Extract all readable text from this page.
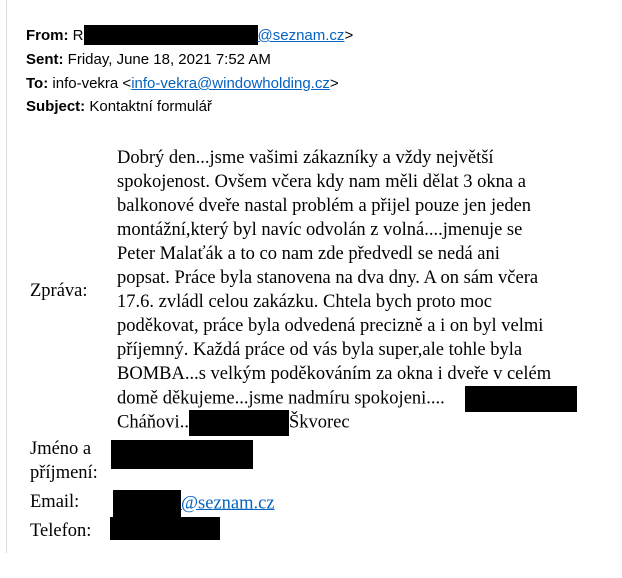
From: R	@seznam.cz>
Sent: Friday, June 18, 2021 7:52 AM
To: info-vekra <info-vekra@windowholding.cz>
Subject: Kontaktní formulář
Zpráva:
Dobrý den...jsme vašimi zákazníky a vždy největší
spokojenost. Ovšem včera kdy nam měli dělat 3 okna a
balkonové dveře nastal problém a přijel pouze jen jeden
montážní,který byl navíc odvolán z volná....jmenuje se
Peter Malaťák a to co nam zde předvedl se nedá ani
popsat. Práce byla stanovena na dva dny. A on sám včera
17.6. zvládl celou zakázku. Chtela bych proto moc
poděkovat, práce byla odvedená precizně a i on byl velmi
příjemný. Každá práce od vás byla super,ale tohle byla
BOMBA...s velkým poděkováním za okna i dveře v celém
domě děkujeme...jsme nadmíru spokojeni....
Cháňovi..	Škvorec
Jméno a
příjmení:
Email:	@seznam.cz
Telefon:
